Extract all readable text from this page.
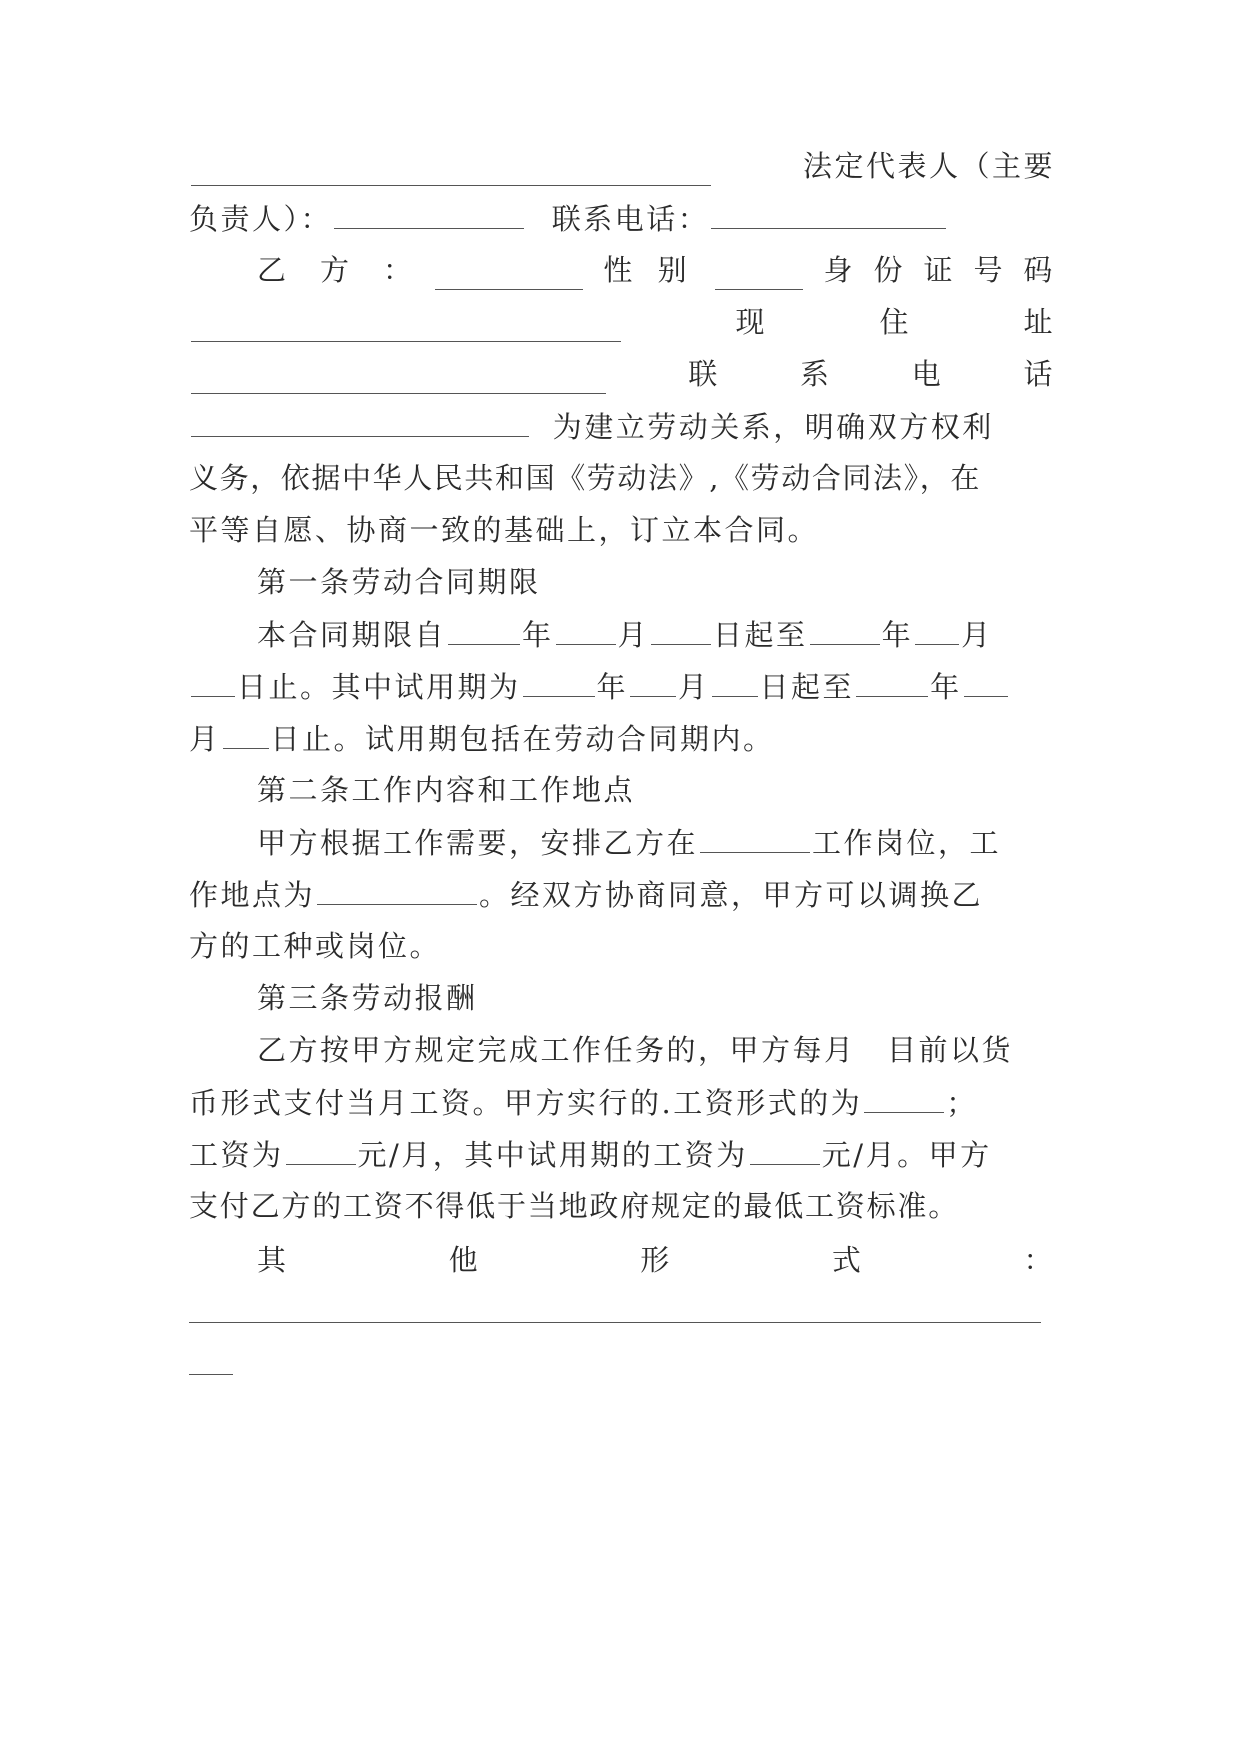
法定代表人（主要
负责人）：	联系电话：
乙　方　：	性 别	身 份 证 号 码
现	住	址
联	系	电	话
为建立劳动关系，明确双方权利
义务，依据中华人民共和国《劳动法》,《劳动合同法》，在
平等自愿、协商一致的基础上，订立本合同。
第一条劳动合同期限
本合同期限自	年 月 日起至	年 月
日止。其中试用期为	年 月 日起至	年
月 日止。试用期包括在劳动合同期内。
第二条工作内容和工作地点
甲方根据工作需要，安排乙方在	工作岗位，工
作地点为	。经双方协商同意，甲方可以调换乙
方的工种或岗位。
第三条劳动报酬
乙方按甲方规定完成工作任务的，甲方每月　目前以货
币形式支付当月工资。甲方实行的.工资形式的为	；
工资为	元/月，其中试用期的工资为	元/月。甲方
支付乙方的工资不得低于当地政府规定的最低工资标准。
其	他	形	式	：
